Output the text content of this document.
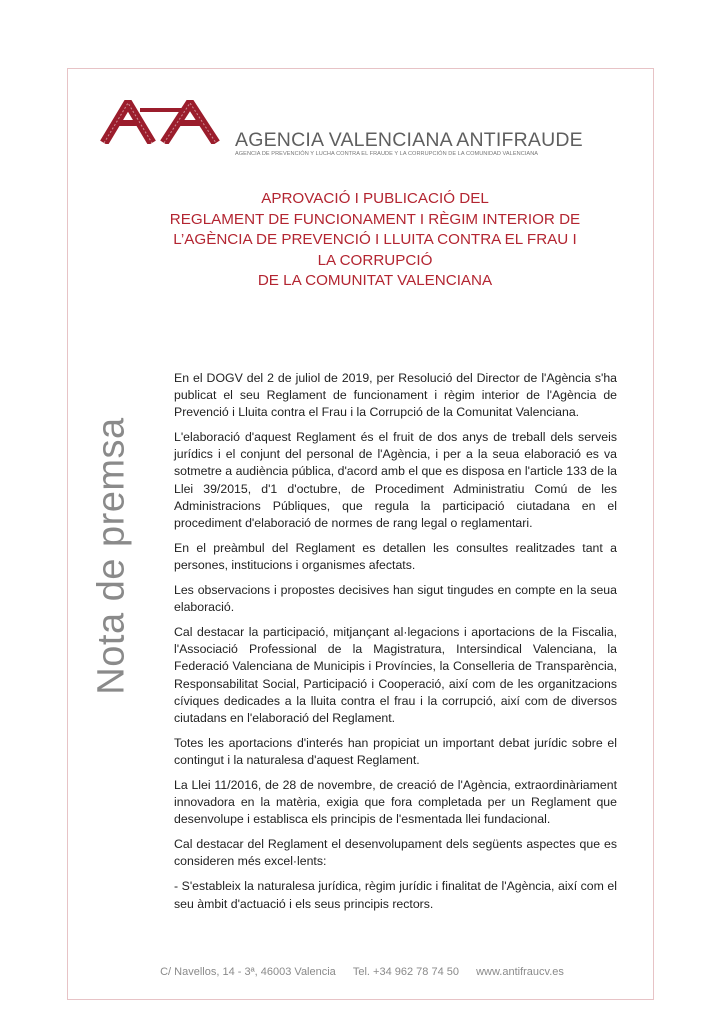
AGENCIA VALENCIANA ANTIFRAUDE
AGENCIA DE PREVENCIÓN Y LUCHA CONTRA EL FRAUDE Y LA CORRUPCIÓN DE LA COMUNIDAD VALENCIANA
APROVACIÓ I PUBLICACIÓ DEL
REGLAMENT DE FUNCIONAMENT I RÈGIM INTERIOR DE
L’AGÈNCIA DE PREVENCIÓ I LLUITA CONTRA EL FRAU I
LA CORRUPCIÓ
DE LA COMUNITAT VALENCIANA
Nota de premsa

En el DOGV del 2 de juliol de 2019, per Resolució del Director de l'Agència s'ha publicat el seu Reglament de funcionament i règim interior de l'Agència de Prevenció i Lluita contra el Frau i la Corrupció de la Comunitat Valenciana.

L'elaboració d'aquest Reglament és el fruit de dos anys de treball dels serveis jurídics i el conjunt del personal de l'Agència, i per a la seua elaboració es va sotmetre a audiència pública, d'acord amb el que es disposa en l'article 133 de la Llei 39/2015, d'1 d'octubre, de Procediment Administratiu Comú de les Administracions Públiques, que regula la participació ciutadana en el procediment d'elaboració de normes de rang legal o reglamentari.

En el preàmbul del Reglament es detallen les consultes realitzades tant a persones, institucions i organismes afectats.

Les observacions i propostes decisives han sigut tingudes en compte en la seua elaboració.

Cal destacar la participació, mitjançant al·legacions i aportacions de la Fiscalia, l'Associació Professional de la Magistratura, Intersindical Valenciana, la Federació Valenciana de Municipis i Províncies, la Conselleria de Transparència, Responsabilitat Social, Participació i Cooperació, així com de les organitzacions cíviques dedicades a la lluita contra el frau i la corrupció, així com de diversos ciutadans en l'elaboració del Reglament.

Totes les aportacions d'interés han propiciat un important debat jurídic sobre el contingut i la naturalesa d'aquest Reglament.

La Llei 11/2016, de 28 de novembre, de creació de l'Agència, extraordinàriament innovadora en la matèria, exigia que fora completada per un Reglament que desenvolupe i establisca els principis de l'esmentada llei fundacional.

Cal destacar del Reglament el desenvolupament dels següents aspectes que es consideren més excel·lents:

- S'estableix la naturalesa jurídica, règim jurídic i finalitat de l'Agència, així com el seu àmbit d'actuació i els seus principis rectors.

C/ Navellos, 14 - 3ª, 46003 Valencia Tel. +34 962 78 74 50 www.antifraucv.es
